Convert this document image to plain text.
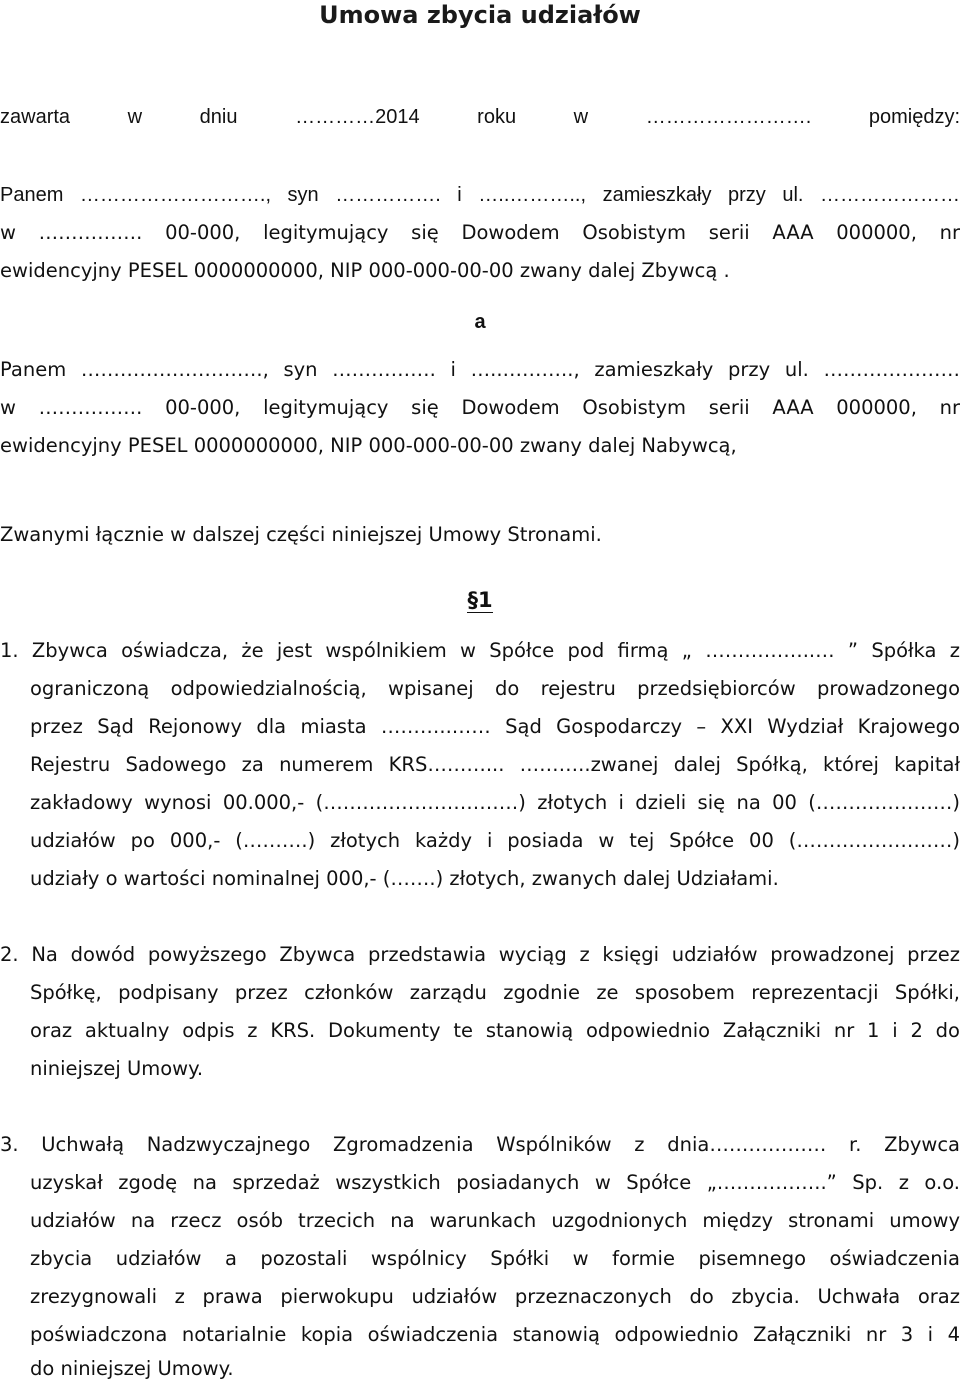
Umowa zbycia udziałów
zawarta w dniu …………2014 roku w ……………………. pomiędzy:
Panem ………………………., syn ……………. i …..……….., zamieszkały przy ul. …………………
w ……………. 00-000, legitymujący się Dowodem Osobistym serii AAA 000000, nr
ewidencyjny PESEL 0000000000, NIP 000-000-00-00 zwany dalej Zbywcą .
a
Panem ………………………., syn ……………. i …..……….., zamieszkały przy ul. …………………
w ……………. 00-000, legitymujący się Dowodem Osobistym serii AAA 000000, nr
ewidencyjny PESEL 0000000000, NIP 000-000-00-00 zwany dalej Nabywcą,
Zwanymi łącznie w dalszej części niniejszej Umowy Stronami.
§1
1. Zbywca oświadcza, że jest wspólnikiem w Spółce pod firmą „ ……………..… ” Spółka z
ograniczoną odpowiedzialnością, wpisanej do rejestru przedsiębiorców prowadzonego
przez Sąd Rejonowy dla miasta ………..…… Sąd Gospodarczy – XXI Wydział Krajowego
Rejestru Sadowego za numerem KRS………... ………..zwanej dalej Spółką, której kapitał
zakładowy wynosi 00.000,- (…………………………) złotych i dzieli się na 00 (…………………)
udziałów po 000,- (……….) złotych każdy i posiada w tej Spółce 00 (……………………)
udziały o wartości nominalnej 000,- (…….) złotych, zwanych dalej Udziałami.
2. Na dowód powyższego Zbywca przedstawia wyciąg z księgi udziałów prowadzonej przez
Spółkę, podpisany przez członków zarządu zgodnie ze sposobem reprezentacji Spółki,
oraz aktualny odpis z KRS. Dokumenty te stanowią odpowiednio Załączniki nr 1 i 2 do
niniejszej Umowy.
3. Uchwałą Nadzwyczajnego Zgromadzenia Wspólników z dnia……………… r. Zbywca
uzyskał zgodę na sprzedaż wszystkich posiadanych w Spółce „……………..” Sp. z o.o.
udziałów na rzecz osób trzecich na warunkach uzgodnionych między stronami umowy
zbycia udziałów a pozostali wspólnicy Spółki w formie pisemnego oświadczenia
zrezygnowali z prawa pierwokupu udziałów przeznaczonych do zbycia. Uchwała oraz
poświadczona notarialnie kopia oświadczenia stanowią odpowiednio Załączniki nr 3 i 4
do niniejszej Umowy.
